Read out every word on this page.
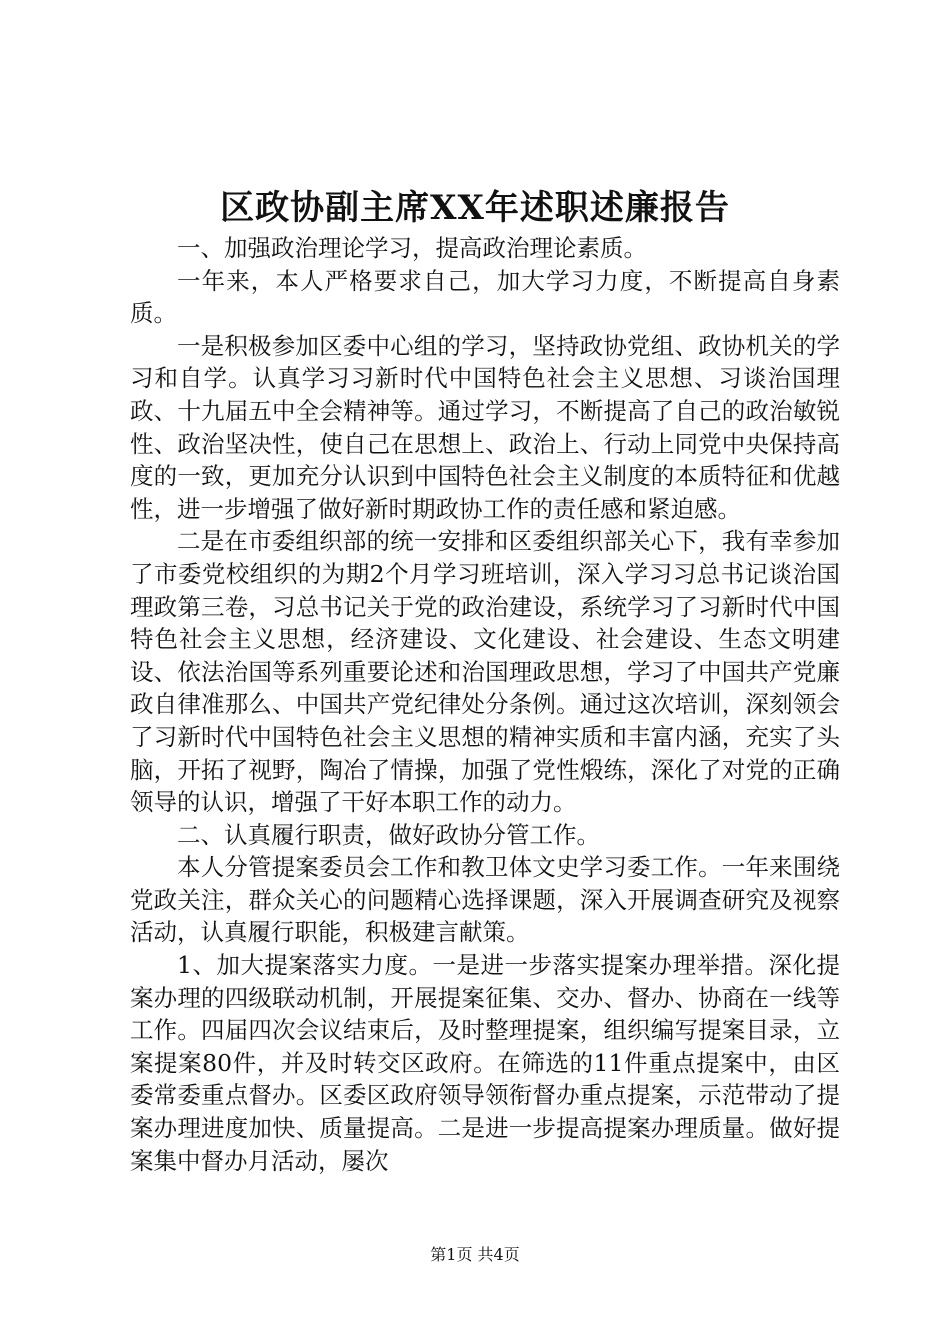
区政协副主席XX年述职述廉报告

一、加强政治理论学习，提高政治理论素质。

一年来，本人严格要求自己，加大学习力度，不断提高自身素质。

一是积极参加区委中心组的学习，坚持政协党组、政协机关的学习和自学。认真学习习新时代中国特色社会主义思想、习谈治国理政、十九届五中全会精神等。通过学习，不断提高了自己的政治敏锐性、政治坚决性，使自己在思想上、政治上、行动上同党中央保持高度的一致，更加充分认识到中国特色社会主义制度的本质特征和优越性，进一步增强了做好新时期政协工作的责任感和紧迫感。

二是在市委组织部的统一安排和区委组织部关心下，我有幸参加了市委党校组织的为期2个月学习班培训，深入学习习总书记谈治国理政第三卷，习总书记关于党的政治建设，系统学习了习新时代中国特色社会主义思想，经济建设、文化建设、社会建设、生态文明建设、依法治国等系列重要论述和治国理政思想，学习了中国共产党廉政自律准那么、中国共产党纪律处分条例。通过这次培训，深刻领会了习新时代中国特色社会主义思想的精神实质和丰富内涵，充实了头脑，开拓了视野，陶冶了情操，加强了党性煅练，深化了对党的正确领导的认识，增强了干好本职工作的动力。

二、认真履行职责，做好政协分管工作。

本人分管提案委员会工作和教卫体文史学习委工作。一年来围绕党政关注，群众关心的问题精心选择课题，深入开展调查研究及视察活动，认真履行职能，积极建言献策。

1、加大提案落实力度。一是进一步落实提案办理举措。深化提案办理的四级联动机制，开展提案征集、交办、督办、协商在一线等工作。四届四次会议结束后，及时整理提案，组织编写提案目录，立案提案80件，并及时转交区政府。在筛选的11件重点提案中，由区委常委重点督办。区委区政府领导领衔督办重点提案，示范带动了提案办理进度加快、质量提高。二是进一步提高提案办理质量。做好提案集中督办月活动，屡次

第1页 共4页
